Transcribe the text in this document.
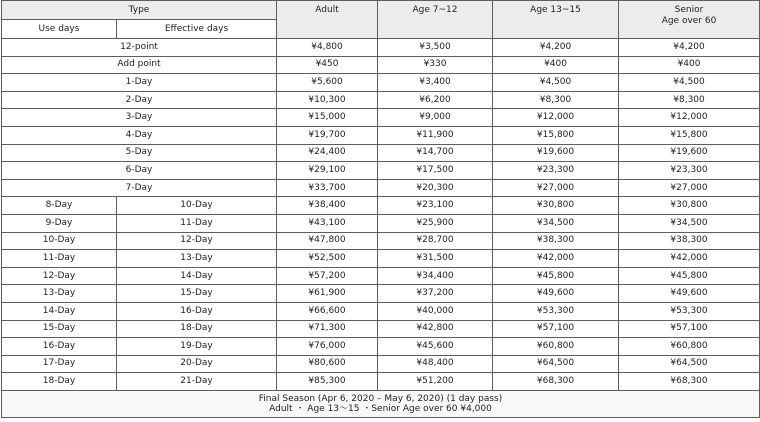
Type		Adult	Age 7~12	Age 13~15	Senior
Age over 60

Use days	Effective days				
12-point		¥4,800	¥3,500	¥4,200	¥4,200
Add point		¥450	¥330	¥400	¥400
1-Day		¥5,600	¥3,400	¥4,500	¥4,500
2-Day		¥10,300	¥6,200	¥8,300	¥8,300
3-Day		¥15,000	¥9,000	¥12,000	¥12,000
4-Day		¥19,700	¥11,900	¥15,800	¥15,800
5-Day		¥24,400	¥14,700	¥19,600	¥19,600
6-Day		¥29,100	¥17,500	¥23,300	¥23,300
7-Day		¥33,700	¥20,300	¥27,000	¥27,000
8-Day	10-Day	¥38,400	¥23,100	¥30,800	¥30,800
9-Day	11-Day	¥43,100	¥25,900	¥34,500	¥34,500
10-Day	12-Day	¥47,800	¥28,700	¥38,300	¥38,300
11-Day	13-Day	¥52,500	¥31,500	¥42,000	¥42,000
12-Day	14-Day	¥57,200	¥34,400	¥45,800	¥45,800
13-Day	15-Day	¥61,900	¥37,200	¥49,600	¥49,600
14-Day	16-Day	¥66,600	¥40,000	¥53,300	¥53,300
15-Day	18-Day	¥71,300	¥42,800	¥57,100	¥57,100
16-Day	19-Day	¥76,000	¥45,600	¥60,800	¥60,800
17-Day	20-Day	¥80,600	¥48,400	¥64,500	¥64,500
18-Day	21-Day	¥85,300	¥51,200	¥68,300	¥68,300

Final Season (Apr 6, 2020 – May 6, 2020) (1 day pass)
Adult ・ Age 13～15 ・Senior Age over 60 ¥4,000					
